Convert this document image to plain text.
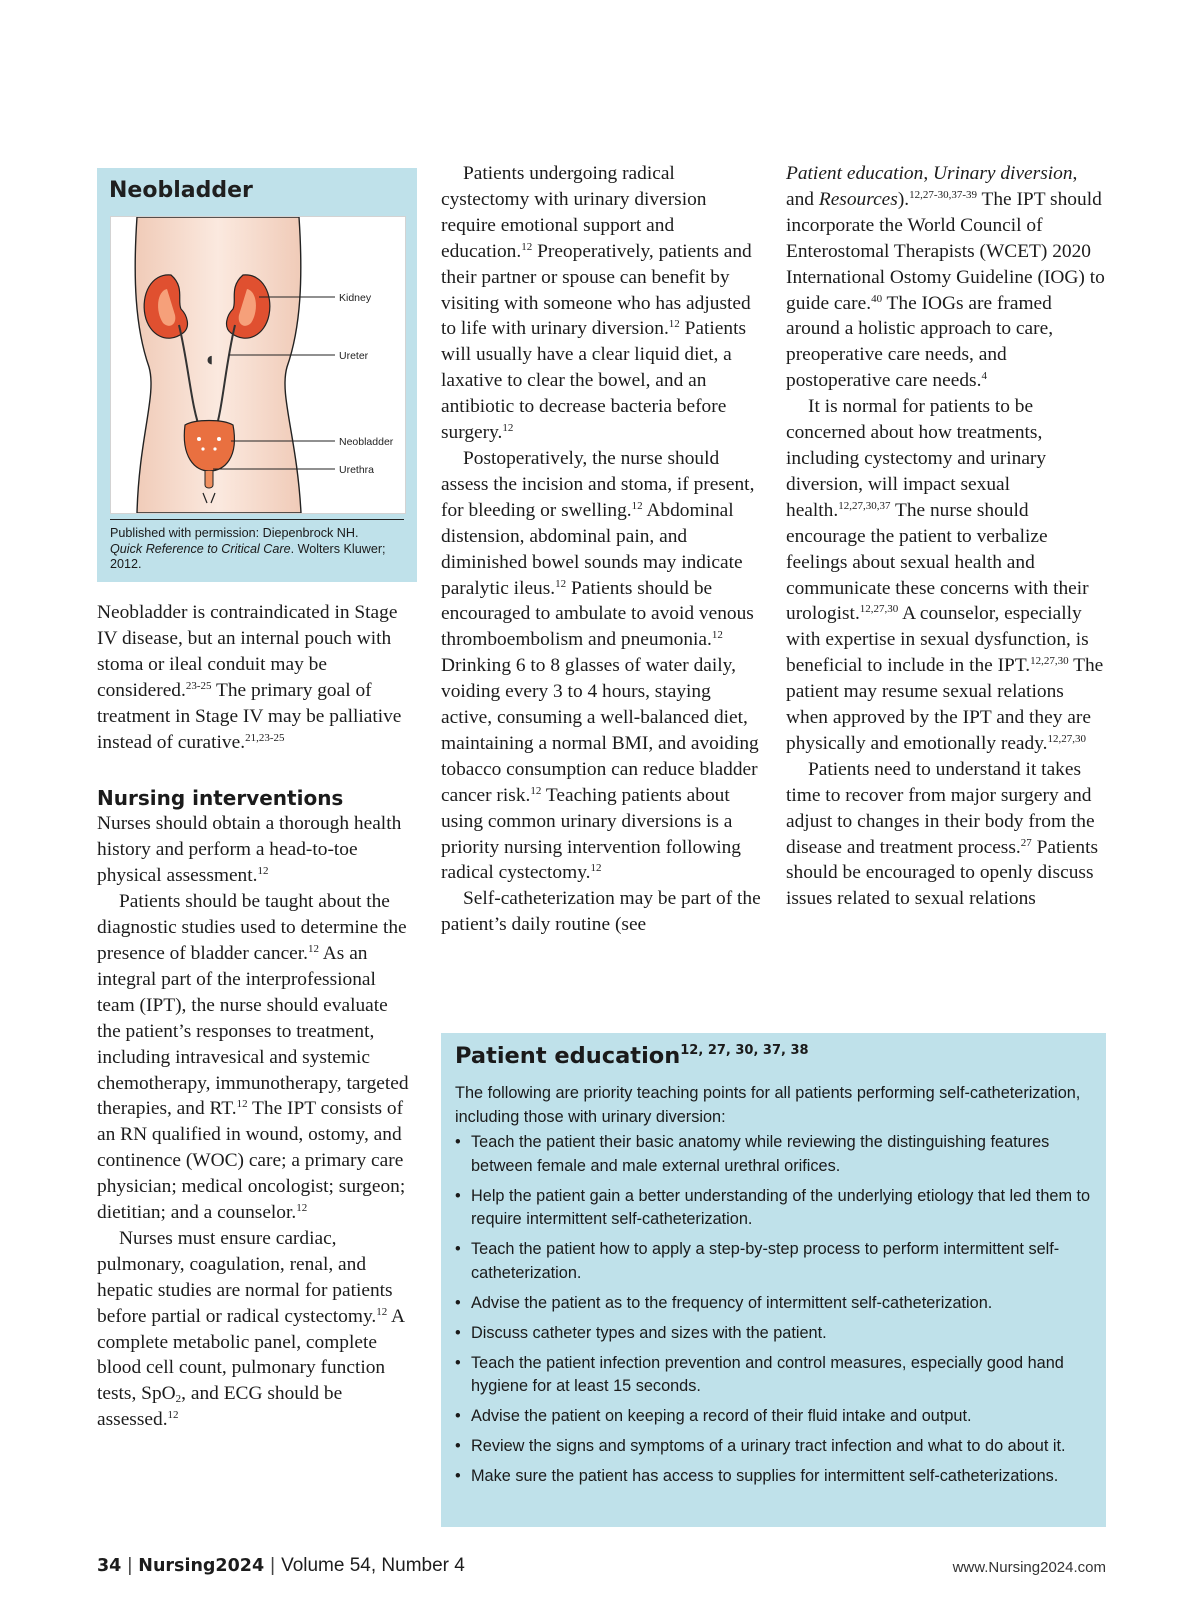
Neobladder
◖
Kidney
Ureter
Neobladder
Urethra

Published with permission: Diepenbrock NH.
Quick Reference to Critical Care. Wolters Kluwer; 2012.

Neobladder is contraindicated in Stage IV disease, but an internal pouch with stoma or ileal conduit may be considered.$^{23-25}$ The primary goal of treatment in Stage IV may be palliative instead of curative.$^{21,23-25}$

Nursing interventions

Nurses should obtain a thorough health history and perform a head-to-toe physical assessment.$^{12}$

Patients should be taught about the diagnostic studies used to determine the presence of bladder cancer.$^{12}$ As an integral part of the interprofessional team (IPT), the nurse should evaluate the patient’s responses to treatment, including intravesical and systemic chemotherapy, immunotherapy, targeted therapies, and RT.$^{12}$ The IPT consists of an RN qualified in wound, ostomy, and continence (WOC) care; a primary care physician; medical oncologist; surgeon; dietitian; and a counselor.$^{12}$

Nurses must ensure cardiac, pulmonary, coagulation, renal, and hepatic studies are normal for patients before partial or radical cystectomy.$^{12}$ A complete metabolic panel, complete blood cell count, pulmonary function tests, SpO$_2$, and ECG should be assessed.$^{12}$

Patients undergoing radical cystectomy with urinary diversion require emotional support and education.$^{12}$ Preoperatively, patients and their partner or spouse can benefit by visiting with someone who has adjusted to life with urinary diversion.$^{12}$ Patients will usually have a clear liquid diet, a laxative to clear the bowel, and an antibiotic to decrease bacteria before surgery.$^{12}$

Postoperatively, the nurse should assess the incision and stoma, if present, for bleeding or swelling.$^{12}$ Abdominal distension, abdominal pain, and diminished bowel sounds may indicate paralytic ileus.$^{12}$ Patients should be encouraged to ambulate to avoid venous thromboembolism and pneumonia.$^{12}$ Drinking 6 to 8 glasses of water daily, voiding every 3 to 4 hours, staying active, consuming a well-balanced diet, maintaining a normal BMI, and avoiding tobacco consumption can reduce bladder cancer risk.$^{12}$ Teaching patients about using common urinary diversions is a priority nursing intervention following radical cystectomy.$^{12}$

Self-catheterization may be part of the patient’s daily routine (see

Patient education, Urinary diversion, and Resources).$^{12,27-30,37-39}$ The IPT should incorporate the World Council of Enterostomal Therapists (WCET) 2020 International Ostomy Guideline (IOG) to guide care.$^{40}$ The IOGs are framed around a holistic approach to care, preoperative care needs, and postoperative care needs.$^4$

It is normal for patients to be concerned about how treatments, including cystectomy and urinary diversion, will impact sexual health.$^{12,27,30,37}$ The nurse should encourage the patient to verbalize feelings about sexual health and communicate these concerns with their urologist.$^{12,27,30}$ A counselor, especially with expertise in sexual dysfunction, is beneficial to include in the IPT.$^{12,27,30}$ The patient may resume sexual relations when approved by the IPT and they are physically and emotionally ready.$^{12,27,30}$

Patients need to understand it takes time to recover from major surgery and adjust to changes in their body from the disease and treatment process.$^{27}$ Patients should be encouraged to openly discuss issues related to sexual relations

Patient education$^{12, 27, 30, 37, 38}$

The following are priority teaching points for all patients performing self-catheterization, including those with urinary diversion:

• Teach the patient their basic anatomy while reviewing the distinguishing features between female and male external urethral orifices.
• Help the patient gain a better understanding of the underlying etiology that led them to require intermittent self-catheterization.
• Teach the patient how to apply a step-by-step process to perform intermittent self-catheterization.
• Advise the patient as to the frequency of intermittent self-catheterization.
• Discuss catheter types and sizes with the patient.
• Teach the patient infection prevention and control measures, especially good hand hygiene for at least 15 seconds.
• Advise the patient on keeping a record of their fluid intake and output.
• Review the signs and symptoms of a urinary tract infection and what to do about it.
• Make sure the patient has access to supplies for intermittent self-catheterizations.
34 | Nursing2024 | Volume 54, Number 4	www.Nursing2024.com
